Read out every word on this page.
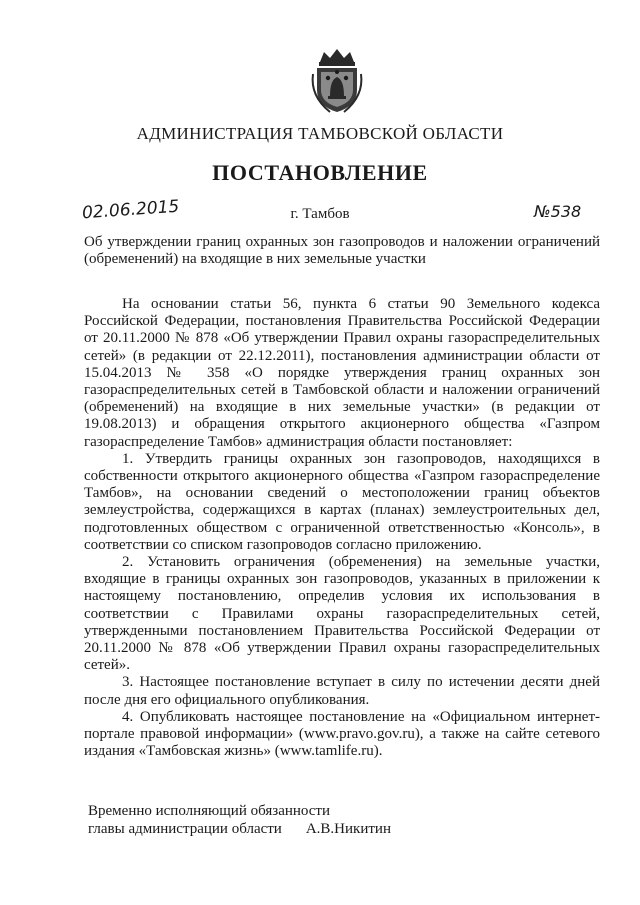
АДМИНИСТРАЦИЯ ТАМБОВСКОЙ ОБЛАСТИ
ПОСТАНОВЛЕНИЕ
02.06.2015	г. Тамбов	№538
Об утверждении границ охранных зон газопроводов и наложении ограничений (обременений) на входящие в них земельные участки

На основании статьи 56, пункта 6 статьи 90 Земельного кодекса Российской Федерации, постановления Правительства Российской Федерации от 20.11.2000 № 878 «Об утверждении Правил охраны газораспределительных сетей» (в редакции от 22.12.2011), постановления администрации области от 15.04.2013 № 358 «О порядке утверждения границ охранных зон газораспределительных сетей в Тамбовской области и наложении ограничений (обременений) на входящие в них земельные участки» (в редакции от 19.08.2013) и обращения открытого акционерного общества «Газпром газораспределение Тамбов» администрация области постановляет:

1. Утвердить границы охранных зон газопроводов, находящихся в собственности открытого акционерного общества «Газпром газораспределение Тамбов», на основании сведений о местоположении границ объектов землеустройства, содержащихся в картах (планах) землеустроительных дел, подготовленных обществом с ограниченной ответственностью «Консоль», в соответствии со списком газопроводов согласно приложению.

2. Установить ограничения (обременения) на земельные участки, входящие в границы охранных зон газопроводов, указанных в приложении к настоящему постановлению, определив условия их использования в соответствии с Правилами охраны газораспределительных сетей, утвержденными постановлением Правительства Российской Федерации от 20.11.2000 № 878 «Об утверждении Правил охраны газораспределительных сетей».

3. Настоящее постановление вступает в силу по истечении десяти дней после дня его официального опубликования.

4. Опубликовать настоящее постановление на «Официальном интернет-портале правовой информации» (www.pravo.gov.ru), а также на сайте сетевого издания «Тамбовская жизнь» (www.tamlife.ru).

Временно исполняющий обязанности
главы администрации области А.В.Никитин
